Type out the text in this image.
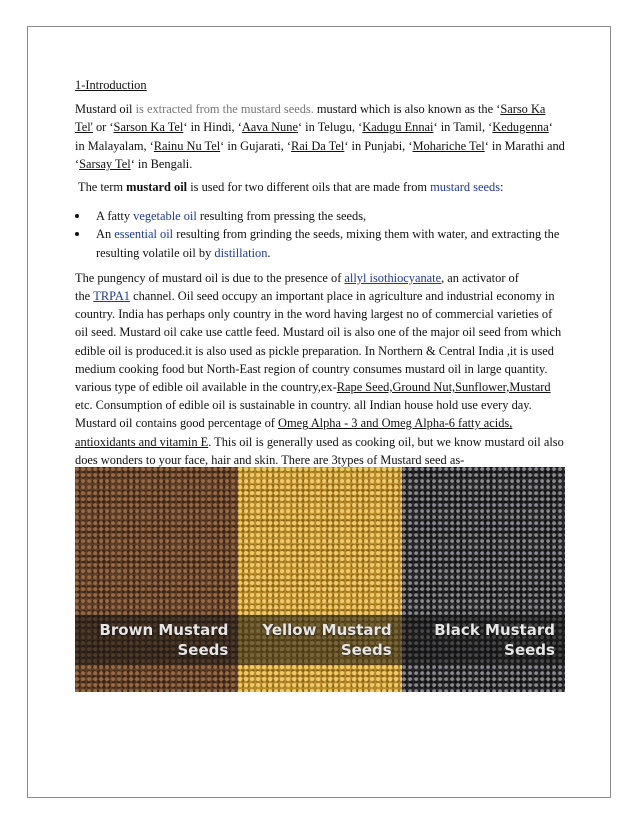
1-Introduction

Mustard oil is extracted from the mustard seeds. mustard which is also known as the ‘Sarso Ka Tel' or ‘Sarson Ka Tel‘ in Hindi, ‘Aava Nune‘ in Telugu, ‘Kadugu Ennai‘ in Tamil, ‘Kedugenna‘ in Malayalam, ‘Rainu Nu Tel‘ in Gujarati, ‘Rai Da Tel‘ in Punjabi, ‘Mohariche Tel‘ in Marathi and ‘Sarsay Tel‘ in Bengali.

The term mustard oil is used for two different oils that are made from mustard seeds:

A fatty vegetable oil resulting from pressing the seeds,
An essential oil resulting from grinding the seeds, mixing them with water, and extracting the resulting volatile oil by distillation.

The pungency of mustard oil is due to the presence of allyl isothiocyanate, an activator of the TRPA1 channel. Oil seed occupy an important place in agriculture and industrial economy in country. India has perhaps only country in the word having largest no of commercial varieties of oil seed. Mustard oil cake use cattle feed. Mustard oil is also one of the major oil seed from which edible oil is produced.it is also used as pickle preparation. In Northern & Central India ,it is used medium cooking food but North-East region of country consumes mustard oil in large quantity. various type of edible oil available in the country,ex-Rape Seed,Ground Nut,Sunflower,Mustard etc. Consumption of edible oil is sustainable in country. all Indian house hold use every day. Mustard oil contains good percentage of Omeg Alpha - 3 and Omeg Alpha-6 fatty acids, antioxidants and vitamin E. This oil is generally used as cooking oil, but we know mustard oil also does wonders to your face, hair and skin. There are 3types of Mustard seed as-

Brown Mustard
Seeds
Yellow Mustard
Seeds
Black Mustard
Seeds
